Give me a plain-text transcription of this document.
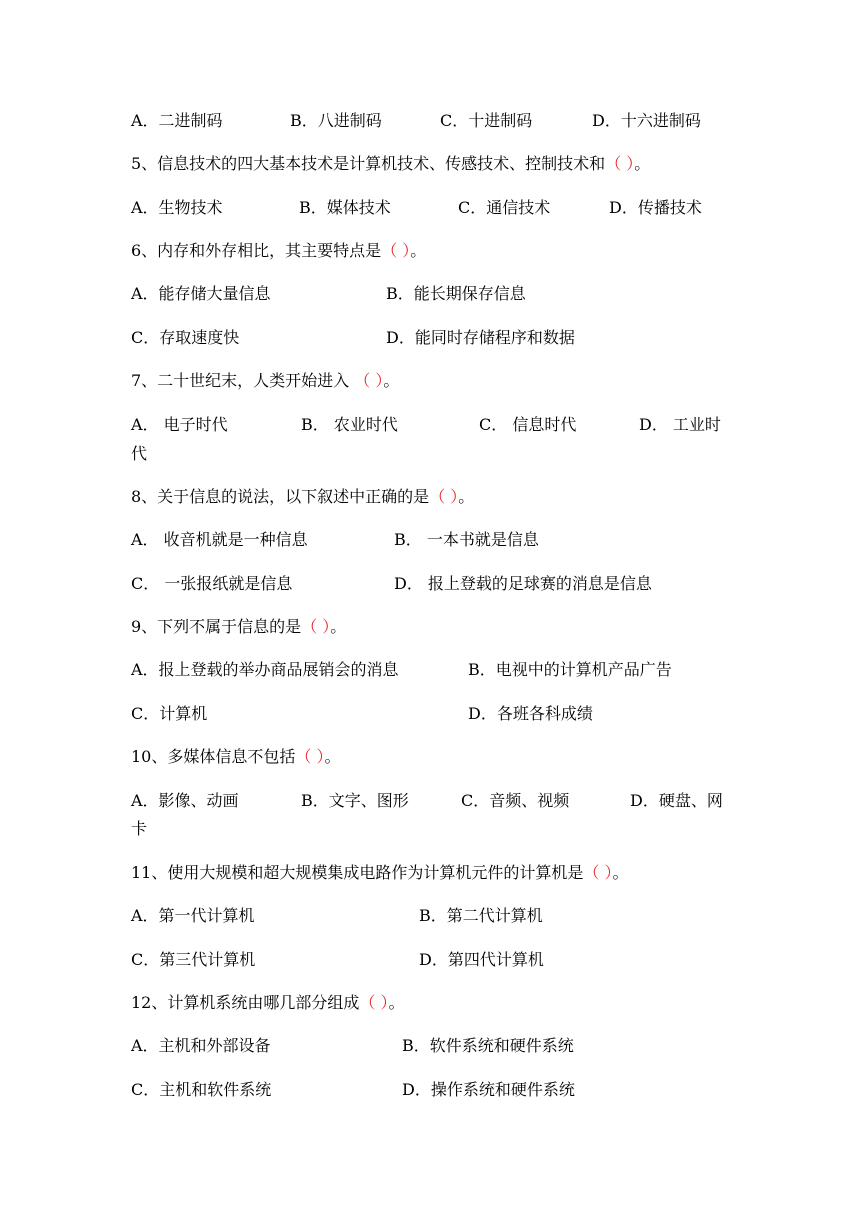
A．二进制码	B．八进制码	C．十进制码	D．十六进制码
5、信息技术的四大基本技术是计算机技术、传感技术、控制技术和（ ）。
A．生物技术	B．媒体技术	C．通信技术	D．传播技术
6、内存和外存相比，其主要特点是（ ）。
A．能存储大量信息	B．能长期保存信息
C．存取速度快	D．能同时存储程序和数据
7、二十世纪末，人类开始进入 （ ）。
A． 电子时代	B． 农业时代	C． 信息时代	D． 工业时
代
8、关于信息的说法，以下叙述中正确的是（ ）。
A． 收音机就是一种信息	B． 一本书就是信息
C． 一张报纸就是信息	D． 报上登载的足球赛的消息是信息
9、下列不属于信息的是（ ）。
A．报上登载的举办商品展销会的消息	B．电视中的计算机产品广告
C．计算机	D．各班各科成绩
10、多媒体信息不包括（ ）。
A．影像、动画	B．文字、图形	C．音频、视频	D．硬盘、网
卡
11、使用大规模和超大规模集成电路作为计算机元件的计算机是（ ）。
A．第一代计算机	B．第二代计算机
C．第三代计算机	D．第四代计算机
12、计算机系统由哪几部分组成（ ）。
A．主机和外部设备	B．软件系统和硬件系统
C．主机和软件系统	D．操作系统和硬件系统
